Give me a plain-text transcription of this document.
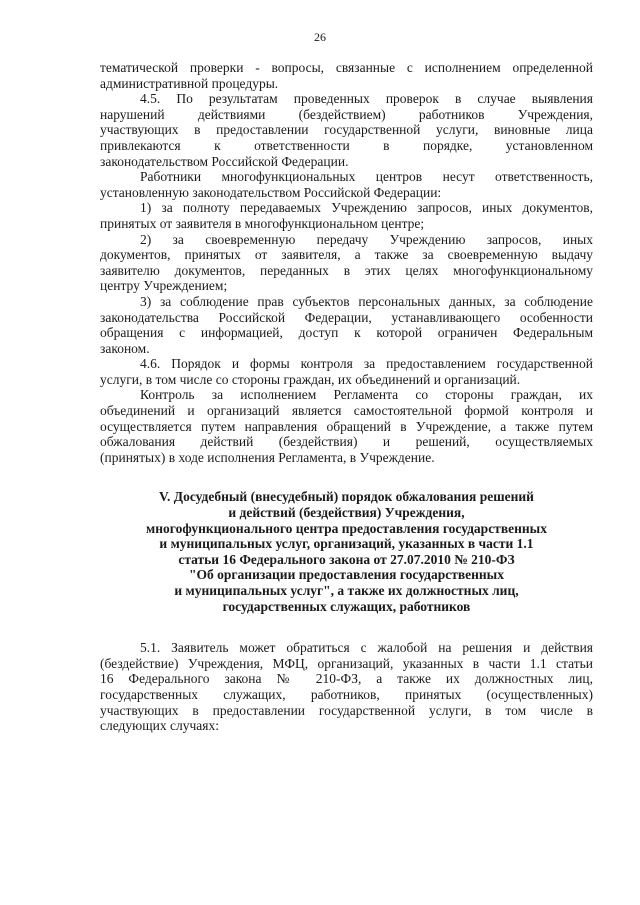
26
тематической проверки - вопросы, связанные с исполнением определенной
административной процедуры.
4.5. По результатам проведенных проверок в случае выявления
нарушений действиями (бездействием) работников Учреждения,
участвующих в предоставлении государственной услуги, виновные лица
привлекаются к ответственности в порядке, установленном
законодательством Российской Федерации.
Работники многофункциональных центров несут ответственность,
установленную законодательством Российской Федерации:
1) за полноту передаваемых Учреждению запросов, иных документов,
принятых от заявителя в многофункциональном центре;
2) за своевременную передачу Учреждению запросов, иных
документов, принятых от заявителя, а также за своевременную выдачу
заявителю документов, переданных в этих целях многофункциональному
центру Учреждением;
3) за соблюдение прав субъектов персональных данных, за соблюдение
законодательства Российской Федерации, устанавливающего особенности
обращения с информацией, доступ к которой ограничен Федеральным
законом.
4.6. Порядок и формы контроля за предоставлением государственной
услуги, в том числе со стороны граждан, их объединений и организаций.
Контроль за исполнением Регламента со стороны граждан, их
объединений и организаций является самостоятельной формой контроля и
осуществляется путем направления обращений в Учреждение, а также путем
обжалования действий (бездействия) и решений, осуществляемых
(принятых) в ходе исполнения Регламента, в Учреждение.
V. Досудебный (внесудебный) порядок обжалования решений
и действий (бездействия) Учреждения,
многофункционального центра предоставления государственных
и муниципальных услуг, организаций, указанных в части 1.1
статьи 16 Федерального закона от 27.07.2010 № 210-ФЗ
"Об организации предоставления государственных
и муниципальных услуг", а также их должностных лиц,
государственных служащих, работников
5.1. Заявитель может обратиться с жалобой на решения и действия
(бездействие) Учреждения, МФЦ, организаций, указанных в части 1.1 статьи
16 Федерального закона № 210-ФЗ, а также их должностных лиц,
государственных служащих, работников, принятых (осуществленных)
участвующих в предоставлении государственной услуги, в том числе в
следующих случаях:
